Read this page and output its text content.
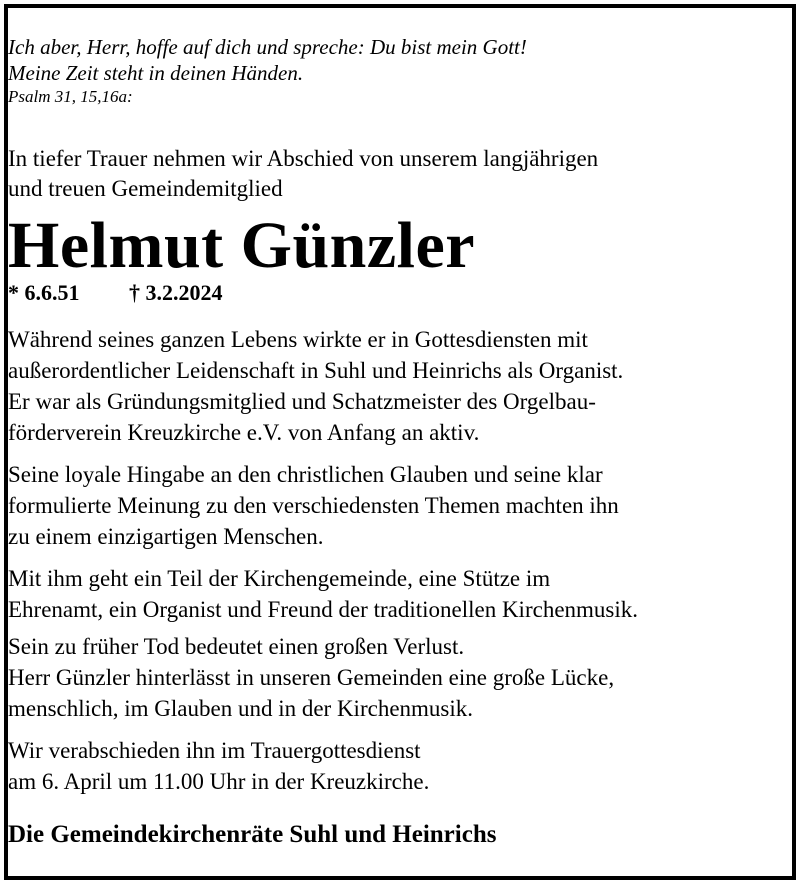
Ich aber, Herr, hoffe auf dich und spreche: Du bist mein Gott!
Meine Zeit steht in deinen Händen.
Psalm 31, 15,16a:
In tiefer Trauer nehmen wir Abschied von unserem langjährigen
und treuen Gemeindemitglied
Helmut Günzler
* 6.6.51 † 3.2.2024
Während seines ganzen Lebens wirkte er in Gottesdiensten mit
außerordentlicher Leidenschaft in Suhl und Heinrichs als Organist.
Er war als Gründungsmitglied und Schatzmeister des Orgelbau-
förderverein Kreuzkirche e.V. von Anfang an aktiv.
Seine loyale Hingabe an den christlichen Glauben und seine klar
formulierte Meinung zu den verschiedensten Themen machten ihn
zu einem einzigartigen Menschen.
Mit ihm geht ein Teil der Kirchengemeinde, eine Stütze im
Ehrenamt, ein Organist und Freund der traditionellen Kirchenmusik.
Sein zu früher Tod bedeutet einen großen Verlust.
Herr Günzler hinterlässt in unseren Gemeinden eine große Lücke,
menschlich, im Glauben und in der Kirchenmusik.
Wir verabschieden ihn im Trauergottesdienst
am 6. April um 11.00 Uhr in der Kreuzkirche.
Die Gemeindekirchenräte Suhl und Heinrichs
